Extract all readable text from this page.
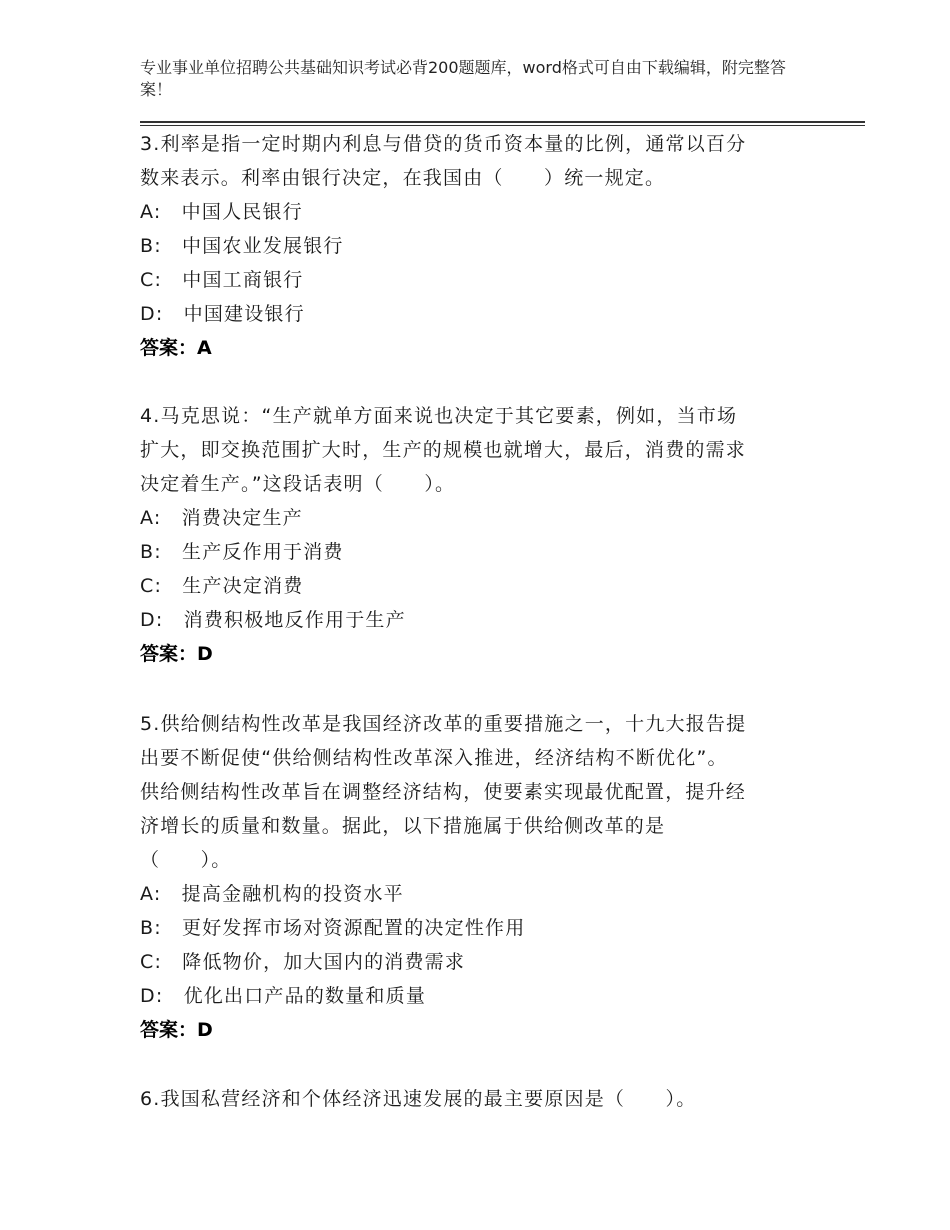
专业事业单位招聘公共基础知识考试必背200题题库，word格式可自由下载编辑，附完整答案！
3.利率是指一定时期内利息与借贷的货币资本量的比例，通常以百分
数来表示。利率由银行决定，在我国由（　　）统一规定。
A:　中国人民银行
B:　中国农业发展银行
C:　中国工商银行
D:　中国建设银行
答案：A
4.马克思说：“生产就单方面来说也决定于其它要素，例如，当市场
扩大，即交换范围扩大时，生产的规模也就增大，最后，消费的需求
决定着生产。”这段话表明（　　）。
A:　消费决定生产
B:　生产反作用于消费
C:　生产决定消费
D:　消费积极地反作用于生产
答案：D
5.供给侧结构性改革是我国经济改革的重要措施之一，十九大报告提
出要不断促使“供给侧结构性改革深入推进，经济结构不断优化”。
供给侧结构性改革旨在调整经济结构，使要素实现最优配置，提升经
济增长的质量和数量。据此，以下措施属于供给侧改革的是
（　　）。
A:　提高金融机构的投资水平
B:　更好发挥市场对资源配置的决定性作用
C:　降低物价，加大国内的消费需求
D:　优化出口产品的数量和质量
答案：D
6.我国私营经济和个体经济迅速发展的最主要原因是（　　）。
